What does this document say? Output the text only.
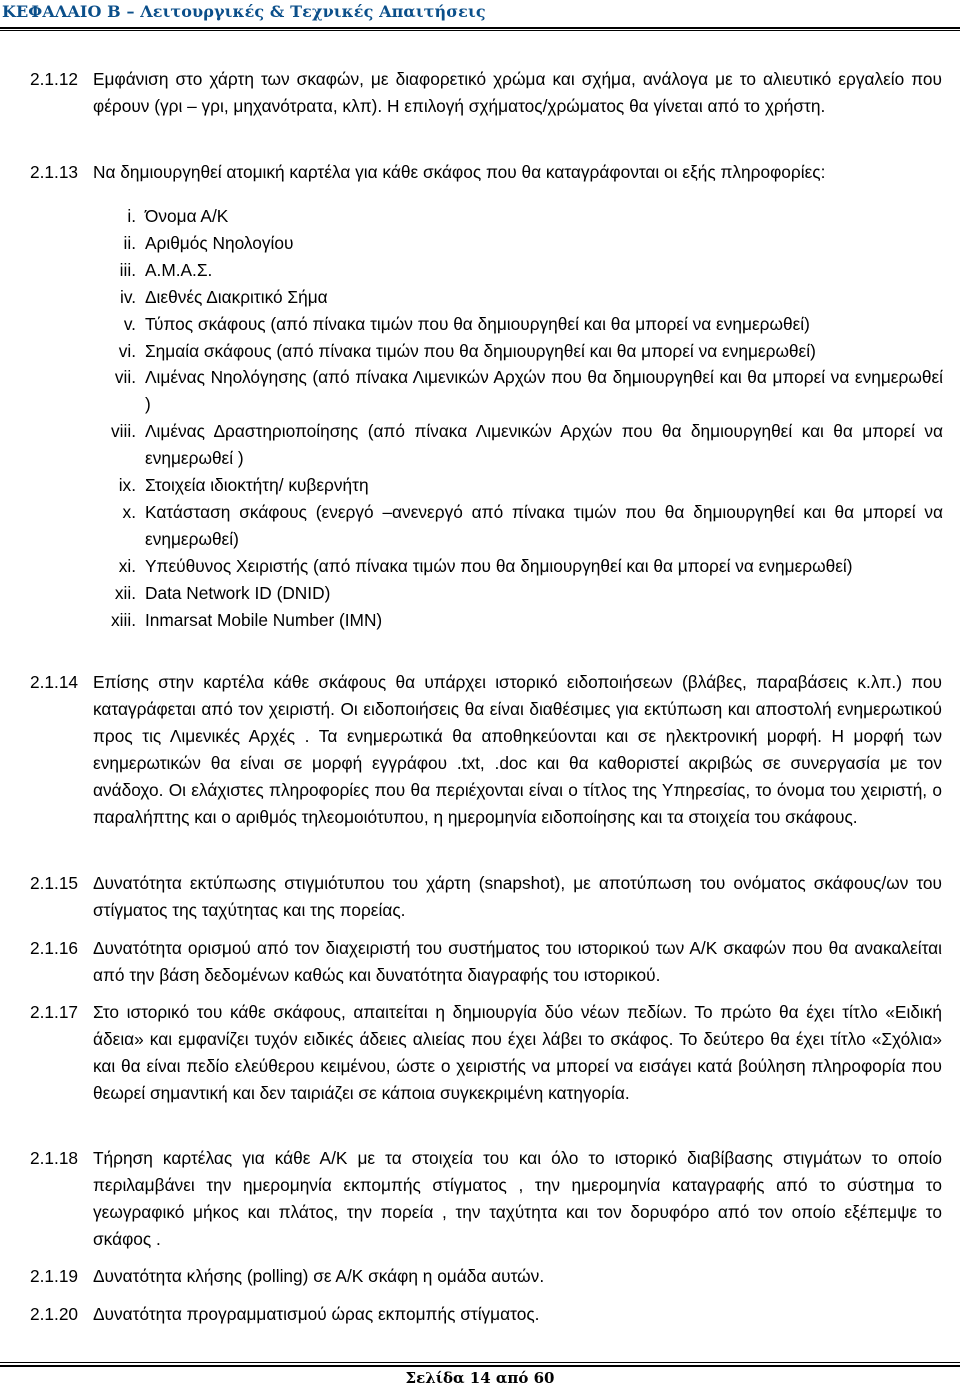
ΚΕΦΑΛΑΙΟ Β – Λειτουργικές & Τεχνικές Απαιτήσεις
2.1.12 Εμφάνιση στο χάρτη των σκαφών, με διαφορετικό χρώμα και σχήμα, ανάλογα με το αλιευτικό εργαλείο που φέρουν (γρι – γρι, μηχανότρατα, κλπ). Η επιλογή σχήματος/χρώματος θα γίνεται από το χρήστη.
2.1.13 Να δημιουργηθεί ατομική καρτέλα για κάθε σκάφος που θα καταγράφονται οι εξής πληροφορίες:
i. Όνομα Α/Κ
ii. Αριθμός Νηολογίου
iii. Α.Μ.Α.Σ.
iv. Διεθνές Διακριτικό Σήμα
v. Τύπος σκάφους (από πίνακα τιμών που θα δημιουργηθεί και θα μπορεί να ενημερωθεί)
vi. Σημαία σκάφους (από πίνακα τιμών που θα δημιουργηθεί και θα μπορεί να ενημερωθεί)
vii. Λιμένας Νηολόγησης (από πίνακα Λιμενικών Αρχών που θα δημιουργηθεί και θα μπορεί να ενημερωθεί )
viii. Λιμένας Δραστηριοποίησης (από πίνακα Λιμενικών Αρχών που θα δημιουργηθεί και θα μπορεί να ενημερωθεί )
ix. Στοιχεία ιδιοκτήτη/ κυβερνήτη
x. Κατάσταση σκάφους (ενεργό –ανενεργό από πίνακα τιμών που θα δημιουργηθεί και θα μπορεί να ενημερωθεί)
xi. Υπεύθυνος Χειριστής (από πίνακα τιμών που θα δημιουργηθεί και θα μπορεί να ενημερωθεί)
xii. Data Network ID (DNID)
xiii. Inmarsat Mobile Number (IMN)
2.1.14 Επίσης στην καρτέλα κάθε σκάφους θα υπάρχει ιστορικό ειδοποιήσεων (βλάβες, παραβάσεις κ.λπ.) που καταγράφεται από τον χειριστή. Οι ειδοποιήσεις θα είναι διαθέσιμες για εκτύπωση και αποστολή ενημερωτικού προς τις Λιμενικές Αρχές . Τα ενημερωτικά θα αποθηκεύονται και σε ηλεκτρονική μορφή. Η μορφή των ενημερωτικών θα είναι σε μορφή εγγράφου .txt, .doc και θα καθοριστεί ακριβώς σε συνεργασία με τον ανάδοχο. Οι ελάχιστες πληροφορίες που θα περιέχονται είναι ο τίτλος της Υπηρεσίας, το όνομα του χειριστή, ο παραλήπτης και ο αριθμός τηλεομοιότυπου, η ημερομηνία ειδοποίησης και τα στοιχεία του σκάφους.
2.1.15 Δυνατότητα εκτύπωσης στιγμιότυπου του χάρτη (snapshot), με αποτύπωση του ονόματος σκάφους/ων του στίγματος της ταχύτητας και της πορείας.
2.1.16 Δυνατότητα ορισμού από τον διαχειριστή του συστήματος του ιστορικού των Α/Κ σκαφών που θα ανακαλείται από την βάση δεδομένων καθώς και δυνατότητα διαγραφής του ιστορικού.
2.1.17 Στο ιστορικό του κάθε σκάφους, απαιτείται η δημιουργία δύο νέων πεδίων. Το πρώτο θα έχει τίτλο «Ειδική άδεια» και εμφανίζει τυχόν ειδικές άδειες αλιείας που έχει λάβει το σκάφος. Το δεύτερο θα έχει τίτλο «Σχόλια» και θα είναι πεδίο ελεύθερου κειμένου, ώστε ο χειριστής να μπορεί να εισάγει κατά βούληση πληροφορία που θεωρεί σημαντική και δεν ταιριάζει σε κάποια συγκεκριμένη κατηγορία.
2.1.18 Τήρηση καρτέλας για κάθε Α/Κ με τα στοιχεία του και όλο το ιστορικό διαβίβασης στιγμάτων το οποίο περιλαμβάνει την ημερομηνία εκπομπής στίγματος , την ημερομηνία καταγραφής από το σύστημα το γεωγραφικό μήκος και πλάτος, την πορεία , την ταχύτητα και τον δορυφόρο από τον οποίο εξέπεμψε το σκάφος .
2.1.19 Δυνατότητα κλήσης (polling) σε Α/Κ σκάφη η ομάδα αυτών.
2.1.20 Δυνατότητα προγραμματισμού ώρας εκπομπής στίγματος.
Σελίδα 14 από 60
